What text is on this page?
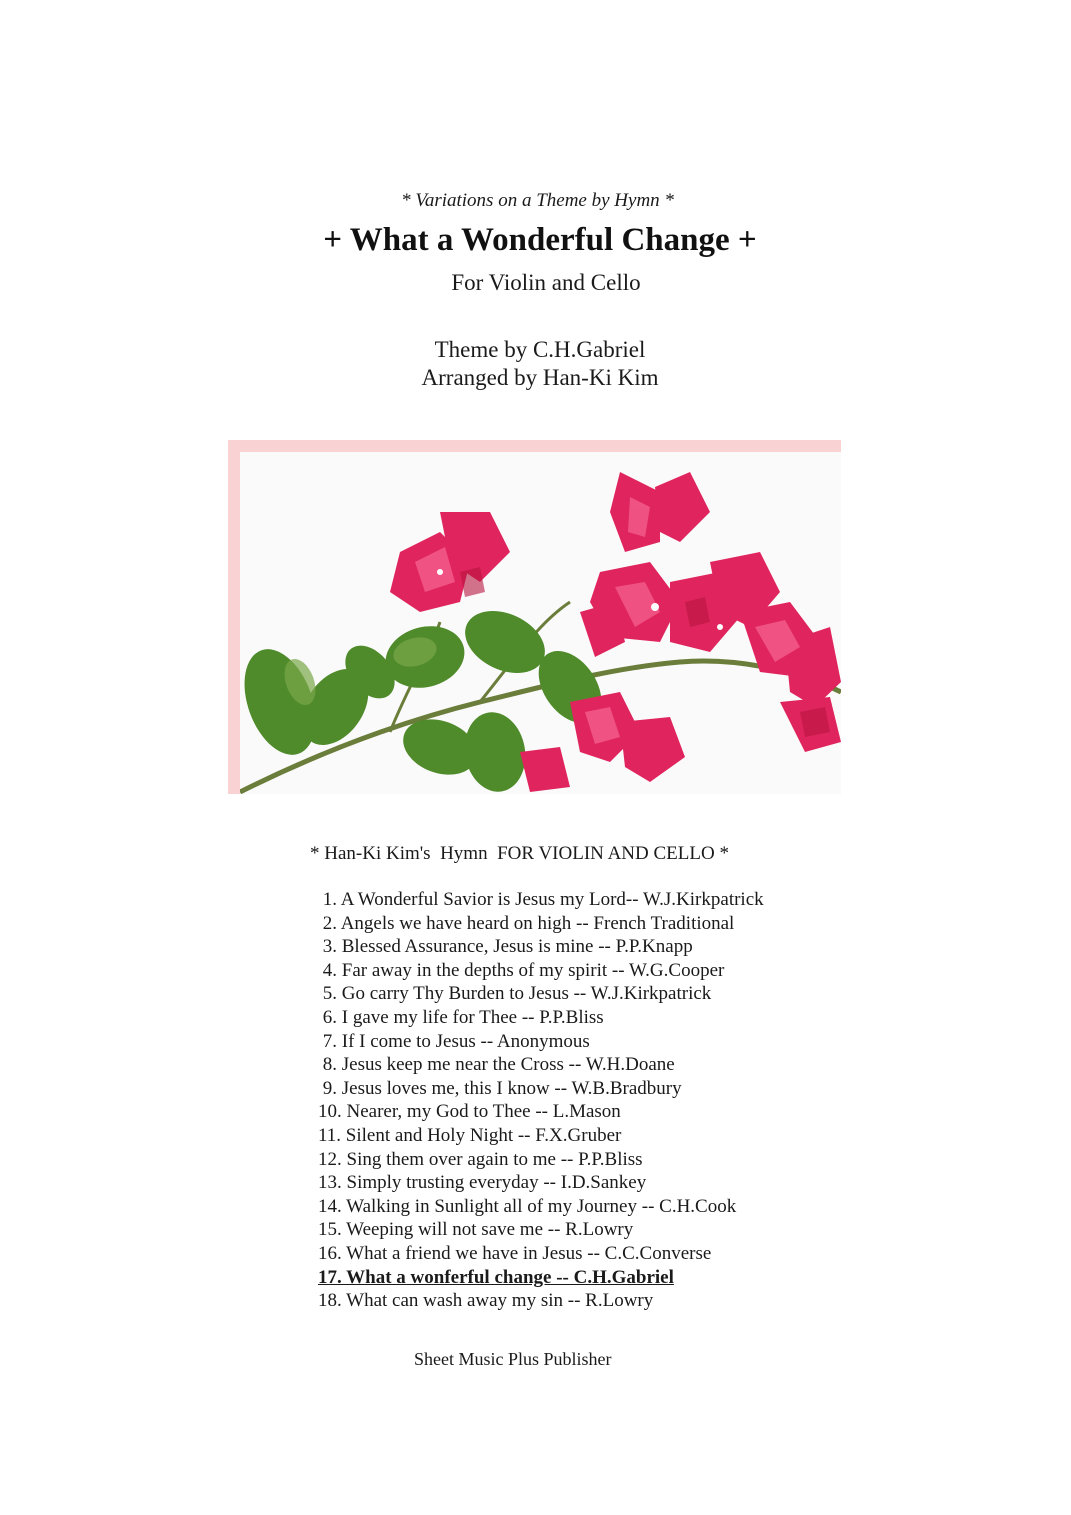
* Variations on a Theme by Hymn *
+ What a Wonderful Change +
For Violin and Cello
Theme by C.H.Gabriel
Arranged by Han-Ki Kim
* Han-Ki Kim's  Hymn  FOR VIOLIN AND CELLO *
1. A Wonderful Savior is Jesus my Lord-- W.J.Kirkpatrick
2. Angels we have heard on high -- French Traditional
3. Blessed Assurance, Jesus is mine -- P.P.Knapp
4. Far away in the depths of my spirit -- W.G.Cooper
5. Go carry Thy Burden to Jesus -- W.J.Kirkpatrick
6. I gave my life for Thee -- P.P.Bliss
7. If I come to Jesus -- Anonymous
8. Jesus keep me near the Cross -- W.H.Doane
9. Jesus loves me, this I know -- W.B.Bradbury
10. Nearer, my God to Thee -- L.Mason
11. Silent and Holy Night -- F.X.Gruber
12. Sing them over again to me -- P.P.Bliss
13. Simply trusting everyday -- I.D.Sankey
14. Walking in Sunlight all of my Journey -- C.H.Cook
15. Weeping will not save me -- R.Lowry
16. What a friend we have in Jesus -- C.C.Converse
17. What a wonferful change -- C.H.Gabriel
18. What can wash away my sin -- R.Lowry
Sheet Music Plus Publisher
